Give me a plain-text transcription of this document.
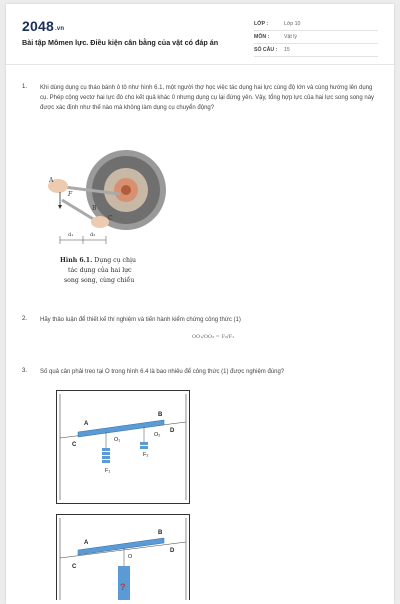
2048.vn
Bài tập Mômen lực. Điều kiện cân bằng của vật có đáp án
LỚP :	Lớp 10
MÔN :	Vật lý
SỐ CÂU : 15
1. Khi dùng dụng cụ tháo bánh ô tô như hình 6.1, một người thợ học việc tác dụng hai lực cùng độ lớn và cùng hướng lên dụng cụ. Phép cộng vectơ hai lực đó cho kết quả khác 0 nhưng dụng cụ lại đứng yên. Vậy, tổng hợp lực của hai lực song song này được xác định như thế nào mà không làm dụng cụ chuyển động?
A
F
B
C
d₁	d₂
Hình 6.1. Dụng cụ chịu
tác dụng của hai lực
song song, cùng chiều
2. Hãy thảo luận để thiết kế thí nghiệm và tiến hành kiểm chứng công thức (1)
OO₁/OO₂ = F₂/F₁
3. Số quả cân phải treo tại O trong hình 6.4 là bao nhiêu để công thức (1) được nghiệm đúng?
A
B
C
D
O₁
O₂
F₁
F₂
A
B
C
D
O
?
